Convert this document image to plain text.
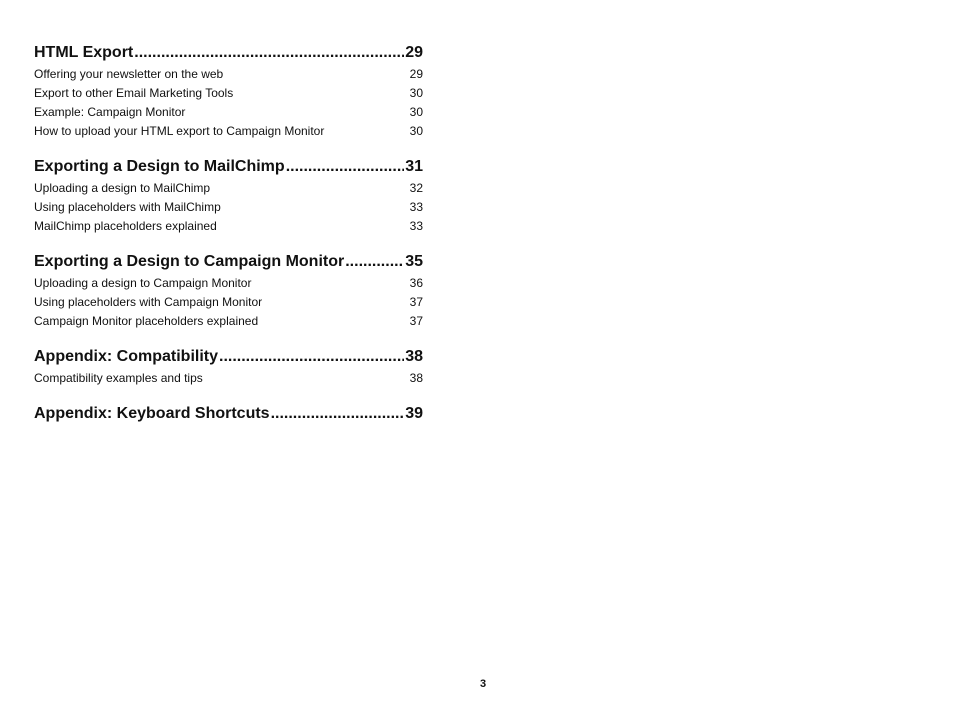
HTML Export .....	29
Offering your newsletter on the web	29
Export to other Email Marketing Tools	30
Example: Campaign Monitor	30
How to upload your HTML export to Campaign Monitor	30
Exporting a Design to MailChimp .....	31
Uploading a design to MailChimp	32
Using placeholders with MailChimp	33
MailChimp placeholders explained	33
Exporting a Design to Campaign Monitor .....	35
Uploading a design to Campaign Monitor	36
Using placeholders with Campaign Monitor	37
Campaign Monitor placeholders explained	37
Appendix: Compatibility .....	38
Compatibility examples and tips	38
Appendix: Keyboard Shortcuts .....	39
3
